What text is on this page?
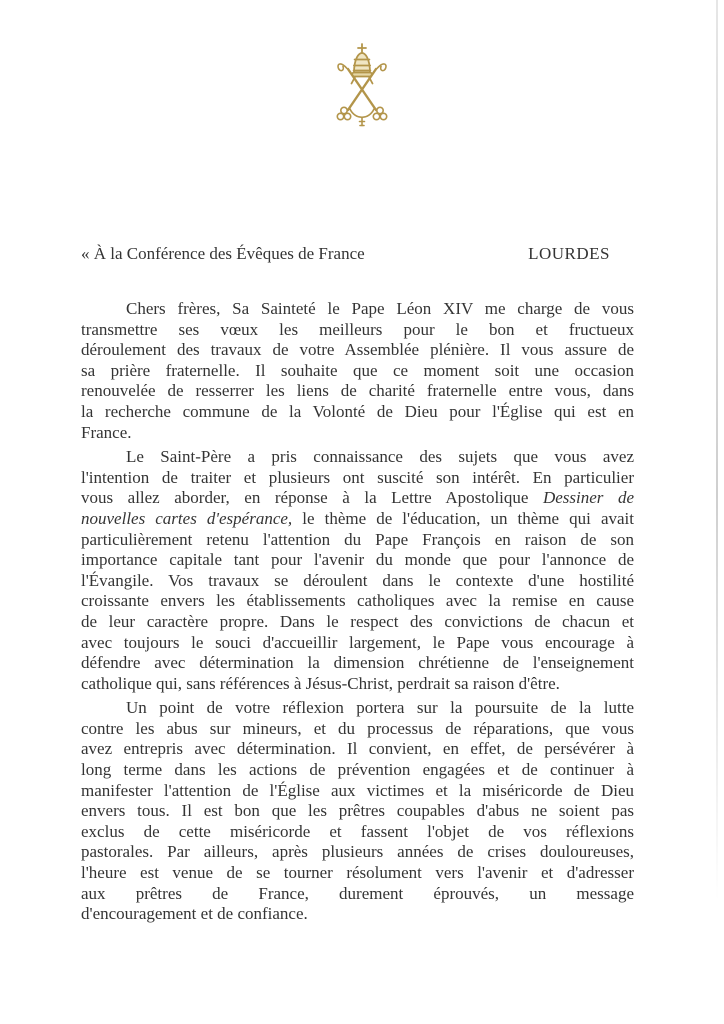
« À la Conférence des Évêques de France	LOURDES
Chers frères, Sa Sainteté le Pape Léon XIV me charge de vous
transmettre ses vœux les meilleurs pour le bon et fructueux
déroulement des travaux de votre Assemblée plénière. Il vous assure de
sa prière fraternelle. Il souhaite que ce moment soit une occasion
renouvelée de resserrer les liens de charité fraternelle entre vous, dans
la recherche commune de la Volonté de Dieu pour l'Église qui est en
France.
Le Saint-Père a pris connaissance des sujets que vous avez
l'intention de traiter et plusieurs ont suscité son intérêt. En particulier
vous allez aborder, en réponse à la Lettre Apostolique Dessiner de
nouvelles cartes d'espérance, le thème de l'éducation, un thème qui avait
particulièrement retenu l'attention du Pape François en raison de son
importance capitale tant pour l'avenir du monde que pour l'annonce de
l'Évangile. Vos travaux se déroulent dans le contexte d'une hostilité
croissante envers les établissements catholiques avec la remise en cause
de leur caractère propre. Dans le respect des convictions de chacun et
avec toujours le souci d'accueillir largement, le Pape vous encourage à
défendre avec détermination la dimension chrétienne de l'enseignement
catholique qui, sans références à Jésus-Christ, perdrait sa raison d'être.
Un point de votre réflexion portera sur la poursuite de la lutte
contre les abus sur mineurs, et du processus de réparations, que vous
avez entrepris avec détermination. Il convient, en effet, de persévérer à
long terme dans les actions de prévention engagées et de continuer à
manifester l'attention de l'Église aux victimes et la miséricorde de Dieu
envers tous. Il est bon que les prêtres coupables d'abus ne soient pas
exclus de cette miséricorde et fassent l'objet de vos réflexions
pastorales. Par ailleurs, après plusieurs années de crises douloureuses,
l'heure est venue de se tourner résolument vers l'avenir et d'adresser
aux prêtres de France, durement éprouvés, un message
d'encouragement et de confiance.
